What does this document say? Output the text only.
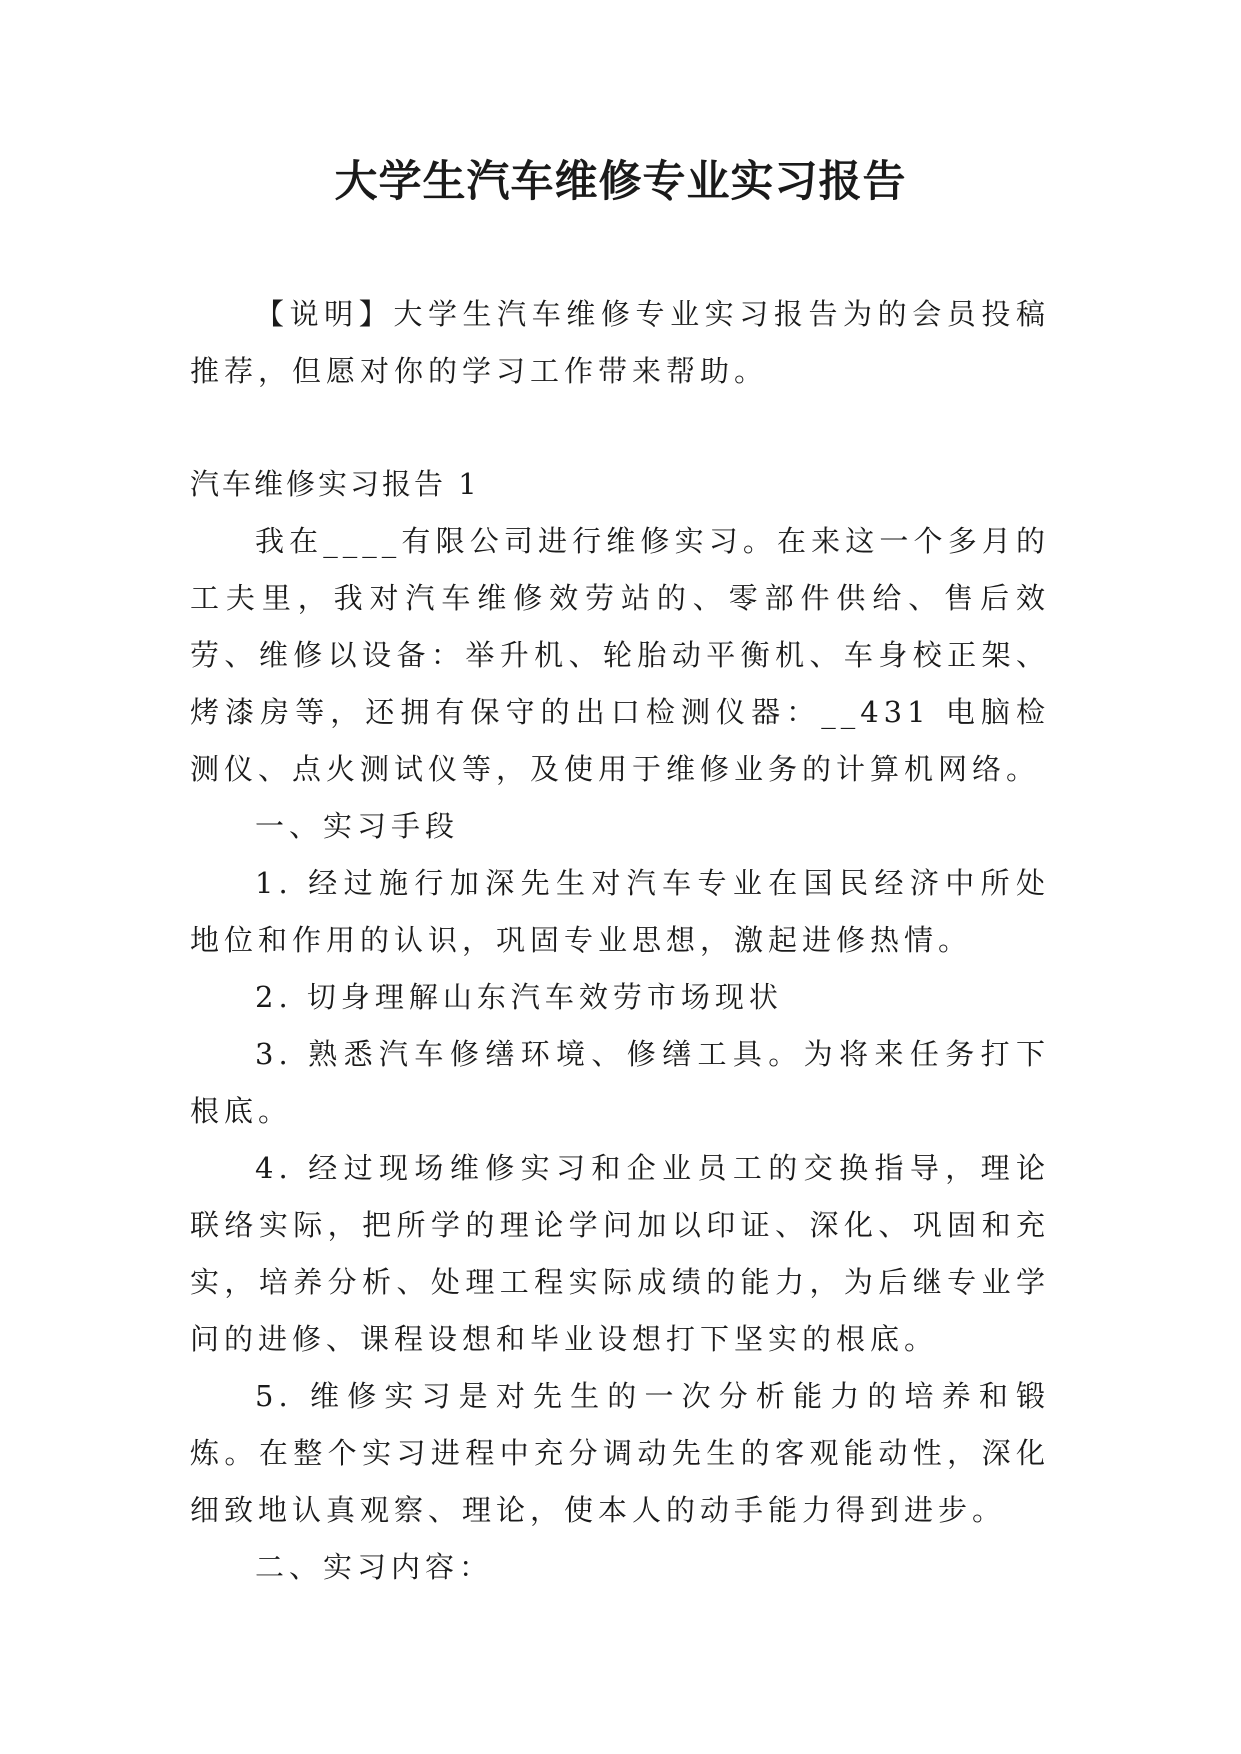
大学生汽车维修专业实习报告

【说明】大学生汽车维修专业实习报告为的会员投稿推荐，但愿对你的学习工作带来帮助。

汽车维修实习报告 1

我在____有限公司进行维修实习。在来这一个多月的工夫里，我对汽车维修效劳站的、零部件供给、售后效劳、维修以设备：举升机、轮胎动平衡机、车身校正架、烤漆房等，还拥有保守的出口检测仪器：__431 电脑检测仪、点火测试仪等，及使用于维修业务的计算机网络。

一、实习手段

1. 经过施行加深先生对汽车专业在国民经济中所处地位和作用的认识，巩固专业思想，激起进修热情。

2. 切身理解山东汽车效劳市场现状

3. 熟悉汽车修缮环境、修缮工具。为将来任务打下根底。

4. 经过现场维修实习和企业员工的交换指导，理论联络实际，把所学的理论学问加以印证、深化、巩固和充实，培养分析、处理工程实际成绩的能力，为后继专业学问的进修、课程设想和毕业设想打下坚实的根底。

5. 维修实习是对先生的一次分析能力的培养和锻炼。在整个实习进程中充分调动先生的客观能动性，深化细致地认真观察、理论，使本人的动手能力得到进步。

二、实习内容：
